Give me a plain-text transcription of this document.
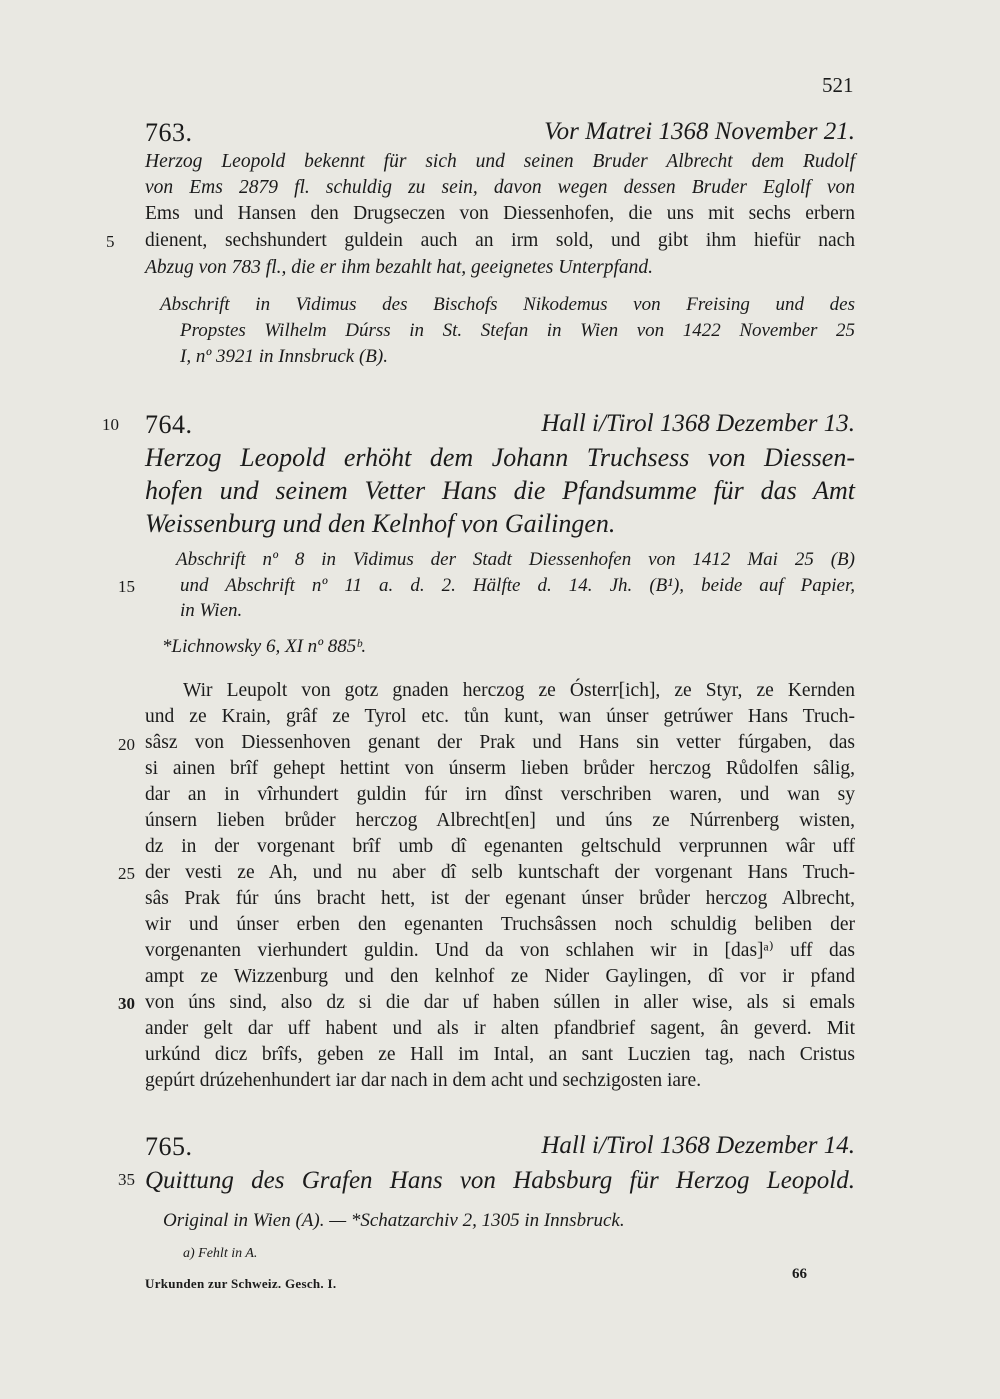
521
763.	Vor Matrei 1368 November 21.
Herzog Leopold bekennt für sich und seinen Bruder Albrecht dem Rudolf
von Ems 2879 fl. schuldig zu sein, davon wegen dessen Bruder Eglolf von
Ems und Hansen den Drugseczen von Diessenhofen, die uns mit sechs erbern
dienent, sechshundert guldein auch an irm sold, und gibt ihm hiefür nach
Abzug von 783 fl., die er ihm bezahlt hat, geeignetes Unterpfand.
Abschrift in Vidimus des Bischofs Nikodemus von Freising und des
Propstes Wilhelm Dúrss in St. Stefan in Wien von 1422 November 25
I, nº 3921 in Innsbruck (B).
764.	Hall i/Tirol 1368 Dezember 13.
Herzog Leopold erhöht dem Johann Truchsess von Diessen-
hofen und seinem Vetter Hans die Pfandsumme für das Amt
Weissenburg und den Kelnhof von Gailingen.
Abschrift nº 8 in Vidimus der Stadt Diessenhofen von 1412 Mai 25 (B)
und Abschrift nº 11 a. d. 2. Hälfte d. 14. Jh. (B¹), beide auf Papier,
in Wien.
*Lichnowsky 6, XI nº 885ᵇ.
Wir Leupolt von gotz gnaden herczog ze Ósterr[ich], ze Styr, ze Kernden
und ze Krain, grâf ze Tyrol etc. tůn kunt, wan únser getrúwer Hans Truch-
sâsz von Diessenhoven genant der Prak und Hans sin vetter fúrgaben, das
si ainen brîf gehept hettint von únserm lieben brůder herczog Růdolfen sâlig,
dar an in vîrhundert guldin fúr irn dînst verschriben waren, und wan sy
únsern lieben brůder herczog Albrecht[en] und úns ze Núrrenberg wisten,
dz in der vorgenant brîf umb dî egenanten geltschuld verprunnen wâr uff
der vesti ze Ah, und nu aber dî selb kuntschaft der vorgenant Hans Truch-
sâs Prak fúr úns bracht hett, ist der egenant únser brůder herczog Albrecht,
wir und únser erben den egenanten Truchsâssen noch schuldig beliben der
vorgenanten vierhundert guldin. Und da von schlahen wir in [das]ᵃ⁾ uff das
ampt ze Wizzenburg und den kelnhof ze Nider Gaylingen, dî vor ir pfand
von úns sind, also dz si die dar uf haben súllen in aller wise, als si emals
ander gelt dar uff habent und als ir alten pfandbrief sagent, ân geverd. Mit
urkúnd dicz brîfs, geben ze Hall im Intal, an sant Luczien tag, nach Cristus
gepúrt drúzehenhundert iar dar nach in dem acht und sechzigosten iare.
765.	Hall i/Tirol 1368 Dezember 14.
Quittung des Grafen Hans von Habsburg für Herzog Leopold.
Original in Wien (A). — *Schatzarchiv 2, 1305 in Innsbruck.
5
10
15
20
25
30
35
a) Fehlt in A.
Urkunden zur Schweiz. Gesch. I.
66
